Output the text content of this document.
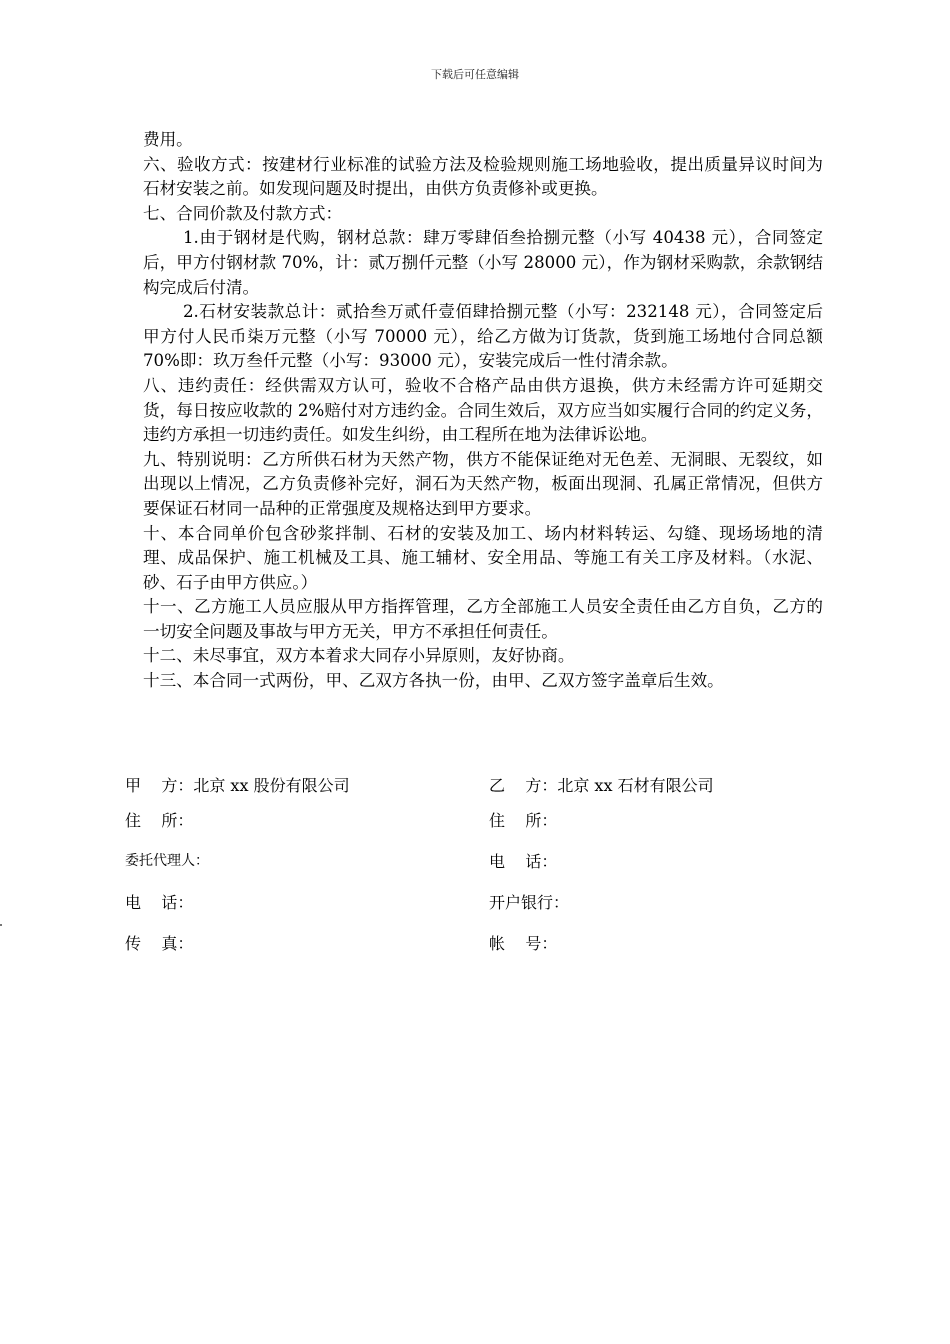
下载后可任意编辑

费用。

六、验收方式：按建材行业标准的试验方法及检验规则施工场地验收，提出质量异议时间为石材安装之前。如发现问题及时提出，由供方负责修补或更换。

七、合同价款及付款方式：

1.由于钢材是代购，钢材总款：肆万零肆佰叁拾捌元整（小写 40438 元），合同签定后，甲方付钢材款 70%，计：贰万捌仟元整（小写 28000 元），作为钢材采购款，余款钢结构完成后付清。

2.石材安装款总计：贰拾叁万贰仟壹佰肆拾捌元整（小写：232148 元），合同签定后甲方付人民币柒万元整（小写 70000 元），给乙方做为订货款，货到施工场地付合同总额 70%即：玖万叁仟元整（小写：93000 元），安装完成后一性付清余款。

八、违约责任：经供需双方认可，验收不合格产品由供方退换，供方未经需方许可延期交货，每日按应收款的 2%赔付对方违约金。合同生效后，双方应当如实履行合同的约定义务，违约方承担一切违约责任。如发生纠纷，由工程所在地为法律诉讼地。

九、特别说明：乙方所供石材为天然产物，供方不能保证绝对无色差、无洞眼、无裂纹，如出现以上情况，乙方负责修补完好，洞石为天然产物，板面出现洞、孔属正常情况，但供方要保证石材同一品种的正常强度及规格达到甲方要求。

十、本合同单价包含砂浆拌制、石材的安装及加工、场内材料转运、勾缝、现场场地的清理、成品保护、施工机械及工具、施工辅材、安全用品、等施工有关工序及材料。（水泥、砂、石子由甲方供应。）

十一、乙方施工人员应服从甲方指挥管理，乙方全部施工人员安全责任由乙方自负，乙方的一切安全问题及事故与甲方无关，甲方不承担任何责任。

十二、未尽事宜，双方本着求大同存小异原则，友好协商。

十三、本合同一式两份，甲、乙双方各执一份，由甲、乙双方签字盖章后生效。

甲    方：北京 xx 股份有限公司	乙    方：北京 xx 石材有限公司
住    所：	住    所：
委托代理人：	电    话：
电    话：	开户银行：
传    真：	帐    号：
